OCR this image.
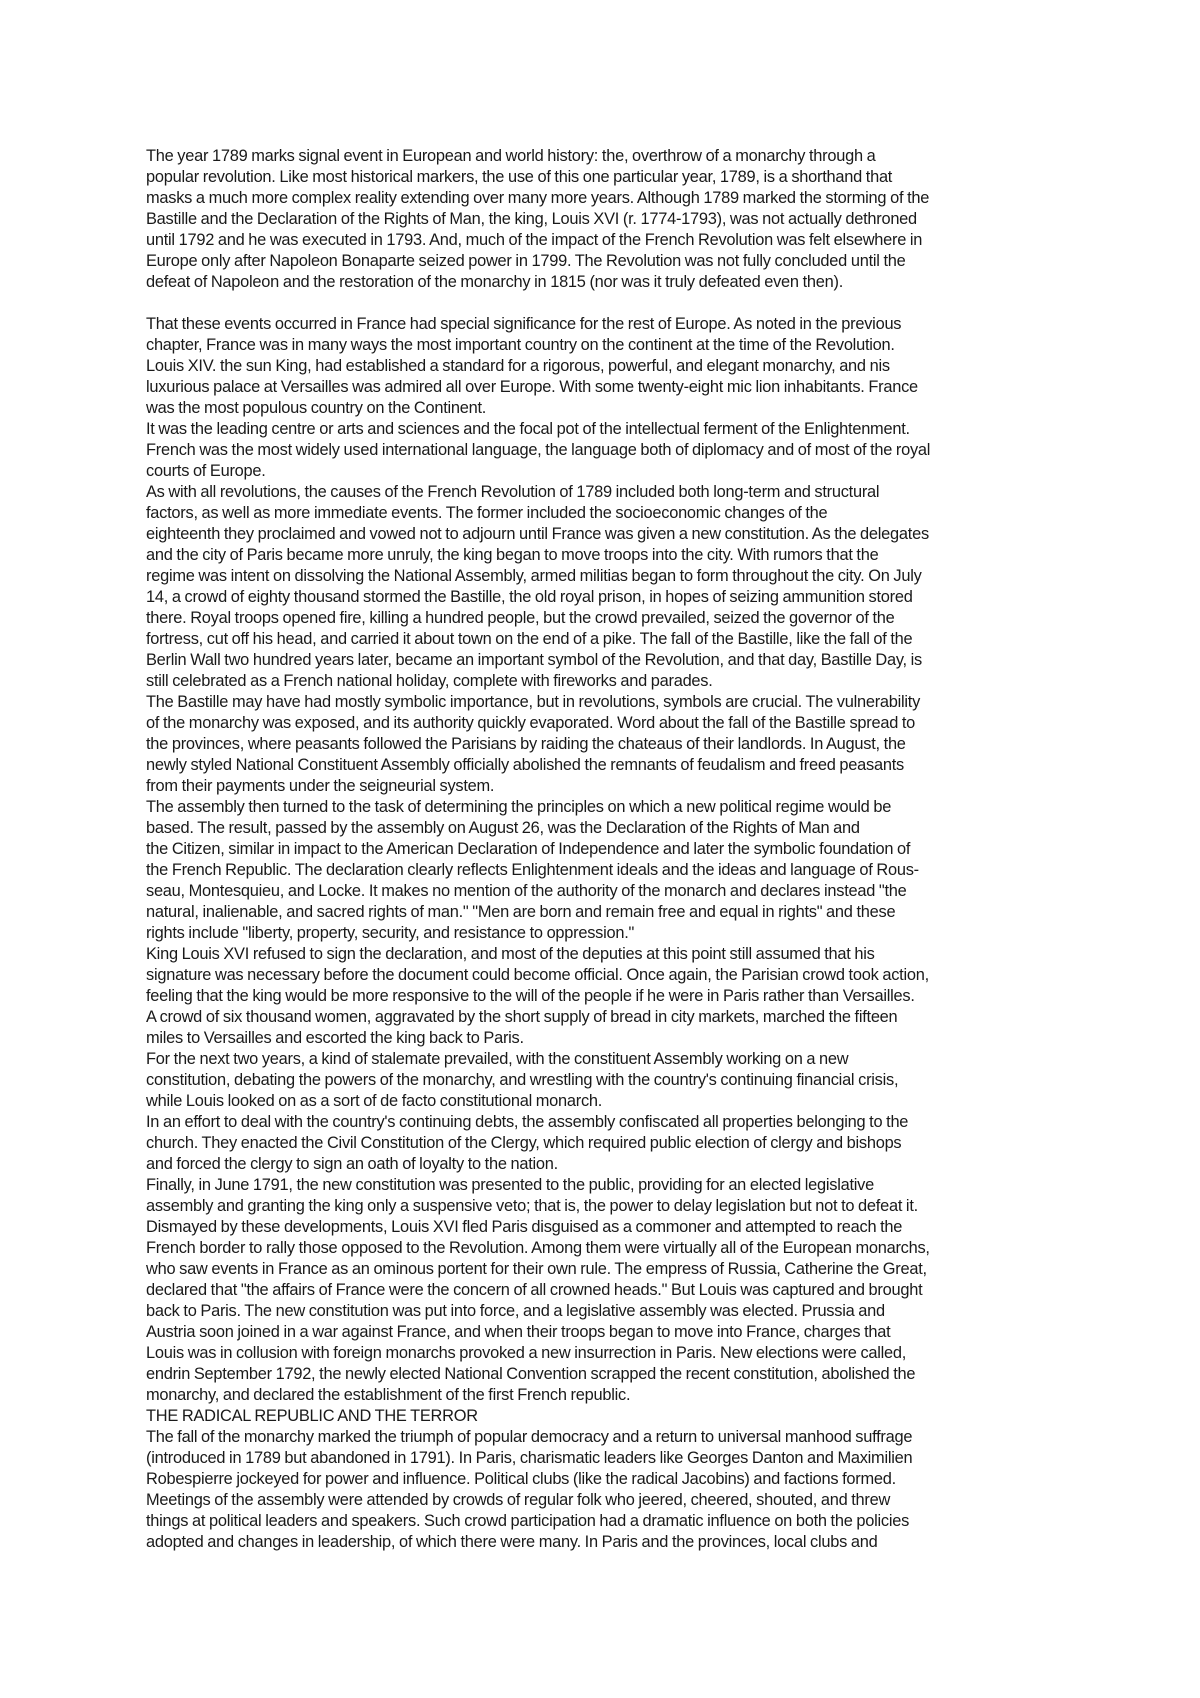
The year 1789 marks signal event in European and world history: the, overthrow of a monarchy through a
popular revolution. Like most historical markers, the use of this one particular year, 1789, is a shorthand that
masks a much more complex reality extending over many more years. Although 1789 marked the storming of the
Bastille and the Declaration of the Rights of Man, the king, Louis XVI (r. 1774-1793), was not actually dethroned
until 1792 and he was executed in 1793. And, much of the impact of the French Revolution was felt elsewhere in
Europe only after Napoleon Bonaparte seized power in 1799. The Revolution was not fully concluded until the
defeat of Napoleon and the restoration of the monarchy in 1815 (nor was it truly defeated even then).
That these events occurred in France had special significance for the rest of Europe. As noted in the previous
chapter, France was in many ways the most important country on the continent at the time of the Revolution.
Louis XIV. the sun King, had established a standard for a rigorous, powerful, and elegant monarchy, and nis
luxurious palace at Versailles was admired all over Europe. With some twenty-eight mic lion inhabitants. France
was the most populous country on the Continent.
It was the leading centre or arts and sciences and the focal pot of the intellectual ferment of the Enlightenment.
French was the most widely used international language, the language both of diplomacy and of most of the royal
courts of Europe.
As with all revolutions, the causes of the French Revolution of 1789 included both long-term and structural
factors, as well as more immediate events. The former included the socioeconomic changes of the
eighteenth they proclaimed and vowed not to adjourn until France was given a new constitution. As the delegates
and the city of Paris became more unruly, the king began to move troops into the city. With rumors that the
regime was intent on dissolving the National Assembly, armed militias began to form throughout the city. On July
14, a crowd of eighty thousand stormed the Bastille, the old royal prison, in hopes of seizing ammunition stored
there. Royal troops opened fire, killing a hundred people, but the crowd prevailed, seized the governor of the
fortress, cut off his head, and carried it about town on the end of a pike. The fall of the Bastille, like the fall of the
Berlin Wall two hundred years later, became an important symbol of the Revolution, and that day, Bastille Day, is
still celebrated as a French national holiday, complete with fireworks and parades.
The Bastille may have had mostly symbolic importance, but in revolutions, symbols are crucial. The vulnerability
of the monarchy was exposed, and its authority quickly evaporated. Word about the fall of the Bastille spread to
the provinces, where peasants followed the Parisians by raiding the chateaus of their landlords. In August, the
newly styled National Constituent Assembly officially abolished the remnants of feudalism and freed peasants
from their payments under the seigneurial system.
The assembly then turned to the task of determining the principles on which a new political regime would be
based. The result, passed by the assembly on August 26, was the Declaration of the Rights of Man and
the Citizen, similar in impact to the American Declaration of Independence and later the symbolic foundation of
the French Republic. The declaration clearly reflects Enlightenment ideals and the ideas and language of Rous-
seau, Montesquieu, and Locke. It makes no mention of the authority of the monarch and declares instead "the
natural, inalienable, and sacred rights of man." "Men are born and remain free and equal in rights" and these
rights include "liberty, property, security, and resistance to oppression."
King Louis XVI refused to sign the declaration, and most of the deputies at this point still assumed that his
signature was necessary before the document could become official. Once again, the Parisian crowd took action,
feeling that the king would be more responsive to the will of the people if he were in Paris rather than Versailles.
A crowd of six thousand women, aggravated by the short supply of bread in city markets, marched the fifteen
miles to Versailles and escorted the king back to Paris.
For the next two years, a kind of stalemate prevailed, with the constituent Assembly working on a new
constitution, debating the powers of the monarchy, and wrestling with the country's continuing financial crisis,
while Louis looked on as a sort of de facto constitutional monarch.
In an effort to deal with the country's continuing debts, the assembly confiscated all properties belonging to the
church. They enacted the Civil Constitution of the Clergy, which required public election of clergy and bishops
and forced the clergy to sign an oath of loyalty to the nation.
Finally, in June 1791, the new constitution was presented to the public, providing for an elected legislative
assembly and granting the king only a suspensive veto; that is, the power to delay legislation but not to defeat it.
Dismayed by these developments, Louis XVI fled Paris disguised as a commoner and attempted to reach the
French border to rally those opposed to the Revolution. Among them were virtually all of the European monarchs,
who saw events in France as an ominous portent for their own rule. The empress of Russia, Catherine the Great,
declared that "the affairs of France were the concern of all crowned heads." But Louis was captured and brought
back to Paris. The new constitution was put into force, and a legislative assembly was elected. Prussia and
Austria soon joined in a war against France, and when their troops began to move into France, charges that
Louis was in collusion with foreign monarchs provoked a new insurrection in Paris. New elections were called,
endrin September 1792, the newly elected National Convention scrapped the recent constitution, abolished the
monarchy, and declared the establishment of the first French republic.
THE RADICAL REPUBLIC AND THE TERROR
The fall of the monarchy marked the triumph of popular democracy and a return to universal manhood suffrage
(introduced in 1789 but abandoned in 1791). In Paris, charismatic leaders like Georges Danton and Maximilien
Robespierre jockeyed for power and influence. Political clubs (like the radical Jacobins) and factions formed.
Meetings of the assembly were attended by crowds of regular folk who jeered, cheered, shouted, and threw
things at political leaders and speakers. Such crowd participation had a dramatic influence on both the policies
adopted and changes in leadership, of which there were many. In Paris and the provinces, local clubs and
